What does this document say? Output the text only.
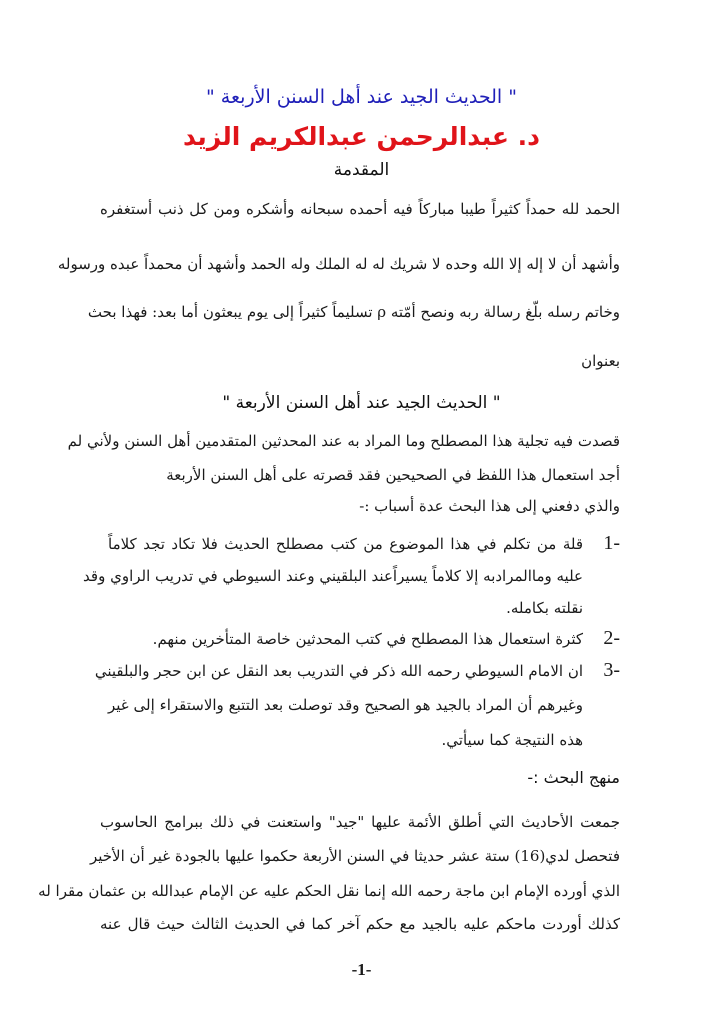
" الحديث الجيد عند أهل السنن الأربعة "
د. عبدالرحمن عبدالكريم الزيد
المقدمة
الحمد لله حمداً كثيراً طيبا مباركاً فيه أحمده سبحانه وأشكره ومن كل ذنب أستغفره
وأشهد أن لا إله إلا الله وحده لا شريك له له الملك وله الحمد وأشهد أن محمداً عبده ورسوله
وخاتم رسله بلّغ رسالة ربه ونصح أمّته ρ تسليماً كثيراً إلى يوم يبعثون أما بعد: فهذا بحث
بعنوان
" الحديث الجيد عند أهل السنن الأربعة "
قصدت فيه تجلية هذا المصطلح وما المراد به عند المحدثين المتقدمين أهل السنن ولأني لم
أجد استعمال هذا اللفظ في الصحيحين فقد قصرته على أهل السنن الأربعة
والذي دفعني إلى هذا البحث عدة أسباب :-
1-
قلة من تكلم في هذا الموضوع من كتب مصطلح الحديث فلا تكاد تجد كلاماً
عليه وماالمرادبه إلا كلاماً يسيراًعند البلقيني وعند السيوطي في تدريب الراوي وقد
نقلته بكامله.
2-
كثرة استعمال هذا المصطلح في كتب المحدثين خاصة المتأخرين منهم.
3-
ان الامام السيوطي رحمه الله ذكر في التدريب بعد النقل عن ابن حجر والبلقيني
وغيرهم أن المراد بالجيد هو الصحيح وقد توصلت بعد التتبع والاستقراء إلى غير
هذه النتيجة كما سيأتي.
منهج البحث :-
جمعت الأحاديث التي أطلق الأئمة عليها "جيد" واستعنت في ذلك ببرامج الحاسوب
فتحصل لدي(16) ستة عشر حديثا في السنن الأربعة حكموا عليها بالجودة غير أن الأخير
الذي أورده الإمام ابن ماجة رحمه الله إنما نقل الحكم عليه عن الإمام عبدالله بن عثمان مقرا له
كذلك أوردت ماحكم عليه بالجيد مع حكم آخر كما في الحديث الثالث حيث قال عنه
-1-
